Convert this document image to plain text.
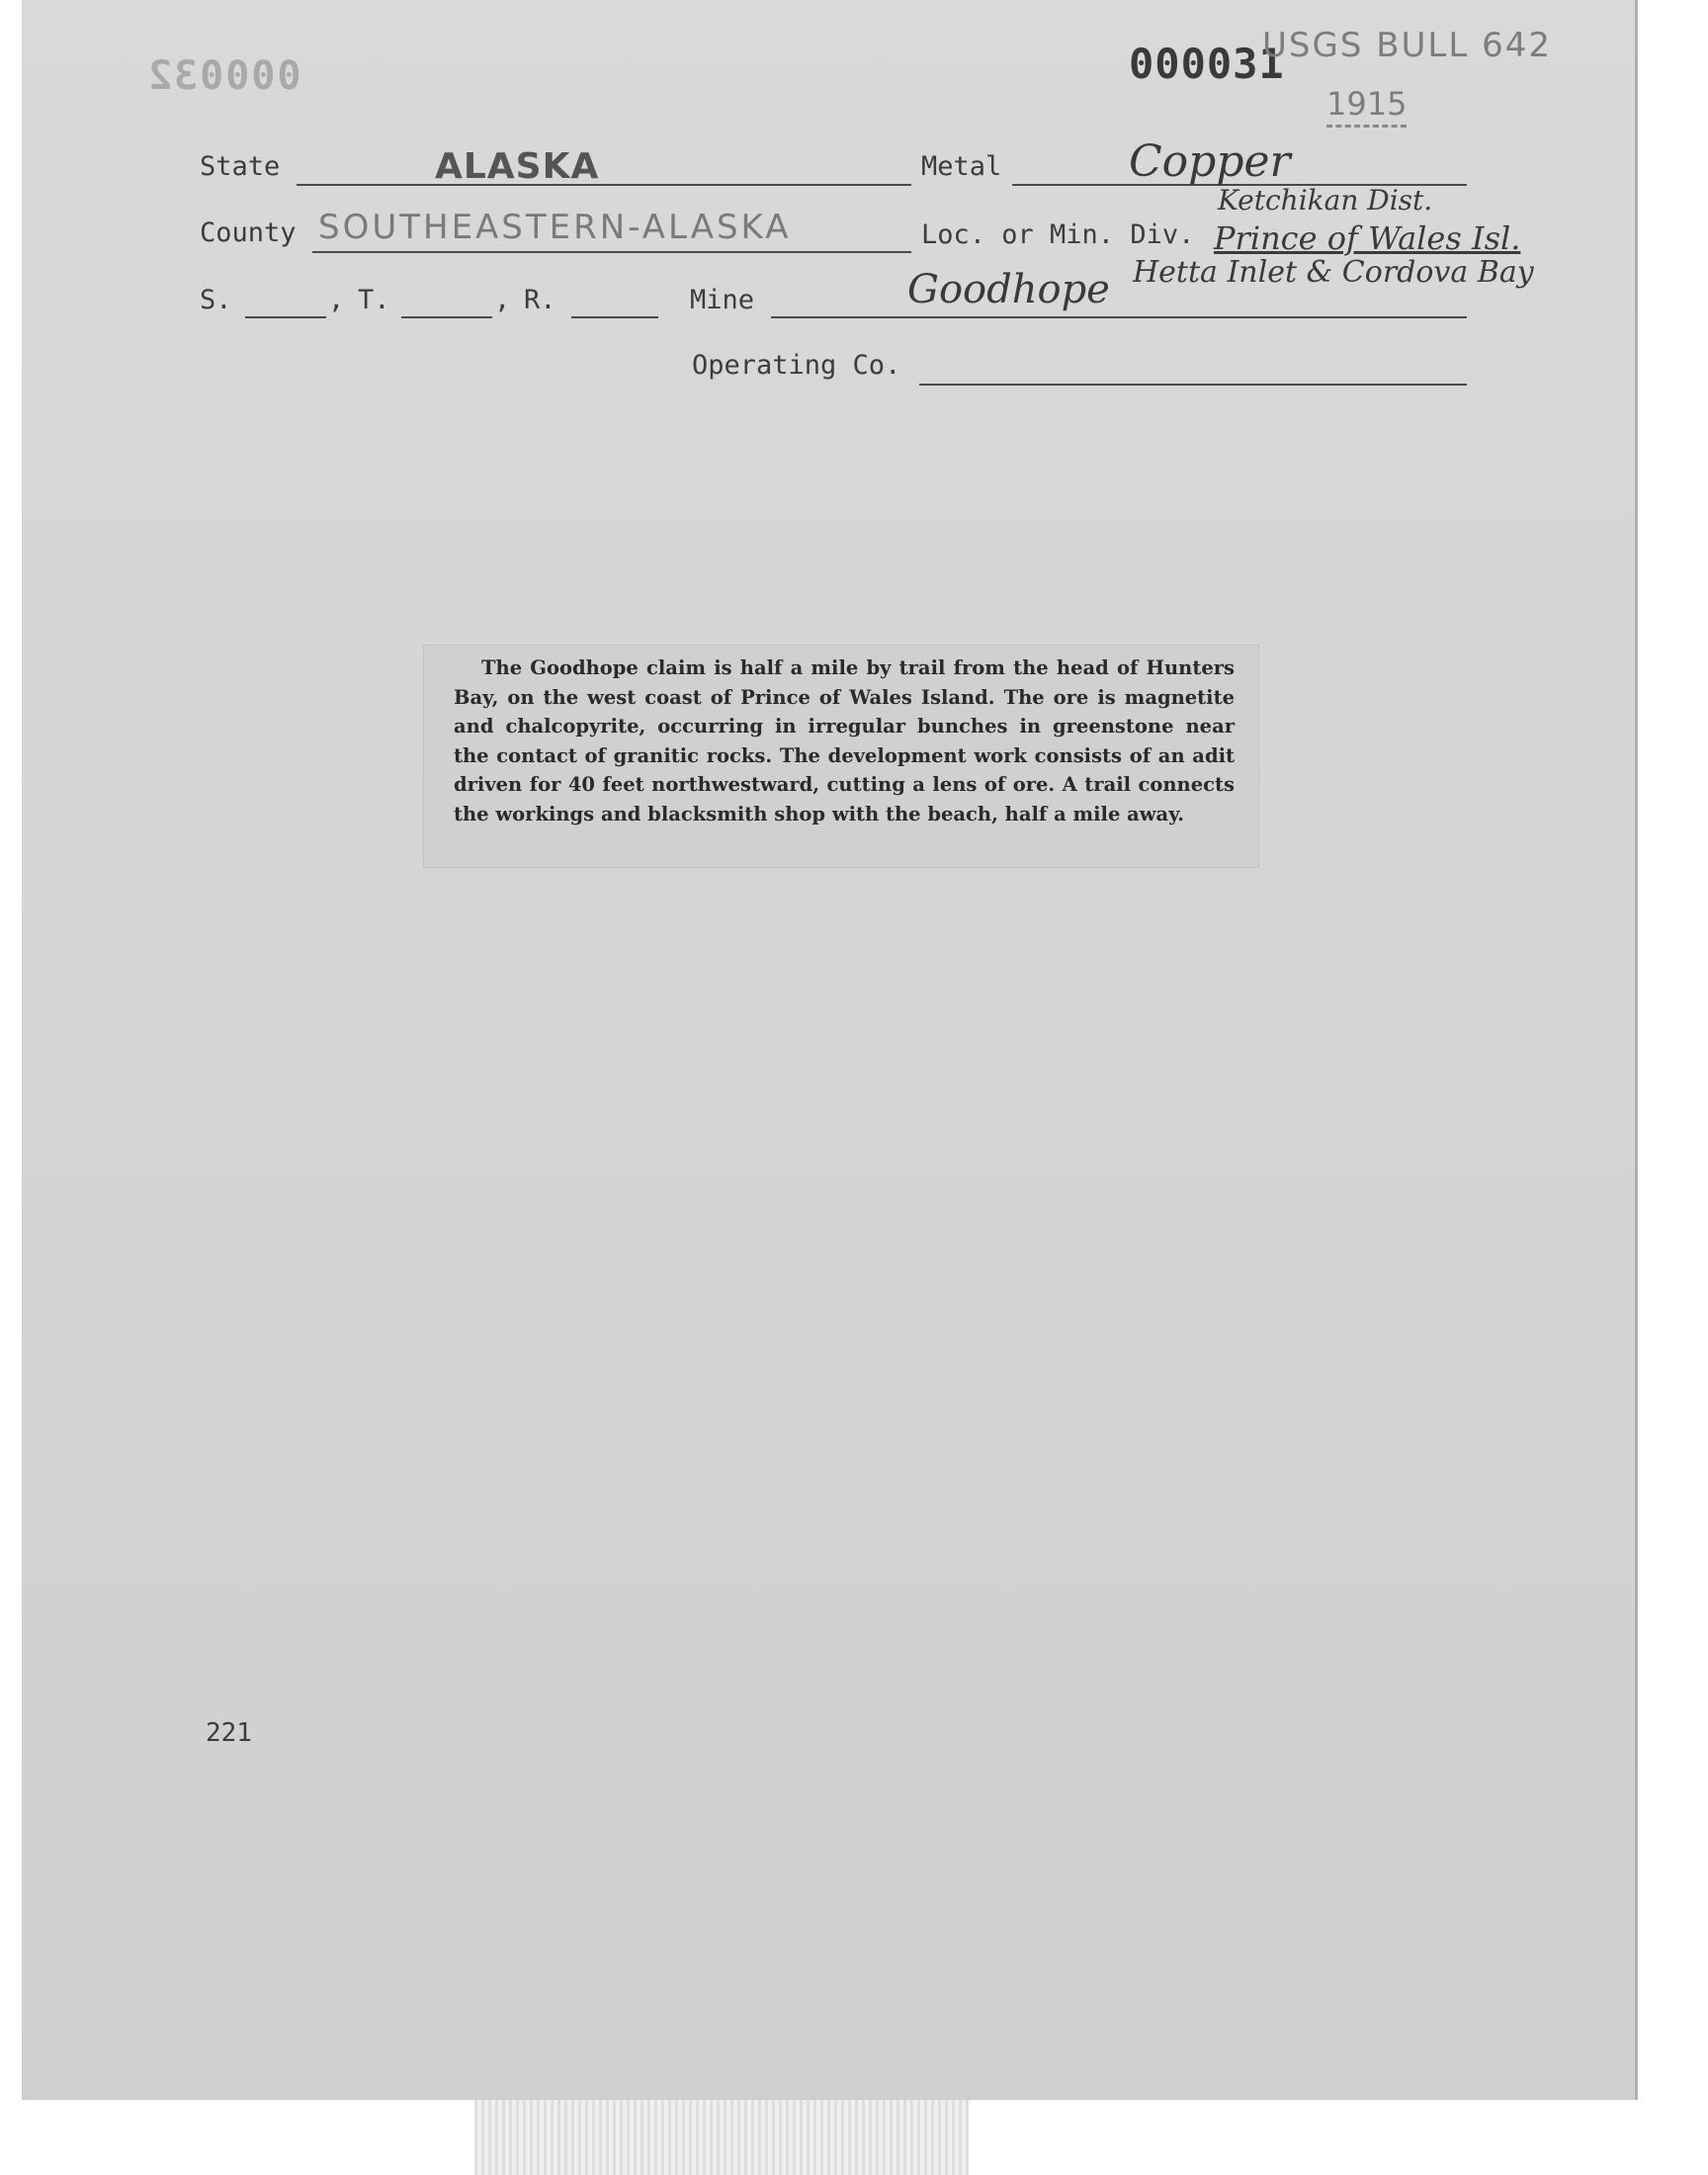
000032	000031
USGS BULL 642
1915
State	ALASKA	Metal	Copper
County SOUTHEASTERN-ALASKA	Loc. or Min. Div.
Ketchikan Dist.
Prince of Wales Isl.
Hetta Inlet & Cordova Bay
S.	, T.	, R.	Mine	Goodhope
Operating Co.
The Goodhope claim is half a mile by trail from the head of Hunters Bay, on the west coast of Prince of Wales Island. The ore is magnetite and chalcopyrite, occurring in irregular bunches in greenstone near the contact of granitic rocks. The development work consists of an adit driven for 40 feet northwestward, cutting a lens of ore. A trail connects the workings and blacksmith shop with the beach, half a mile away.
221
